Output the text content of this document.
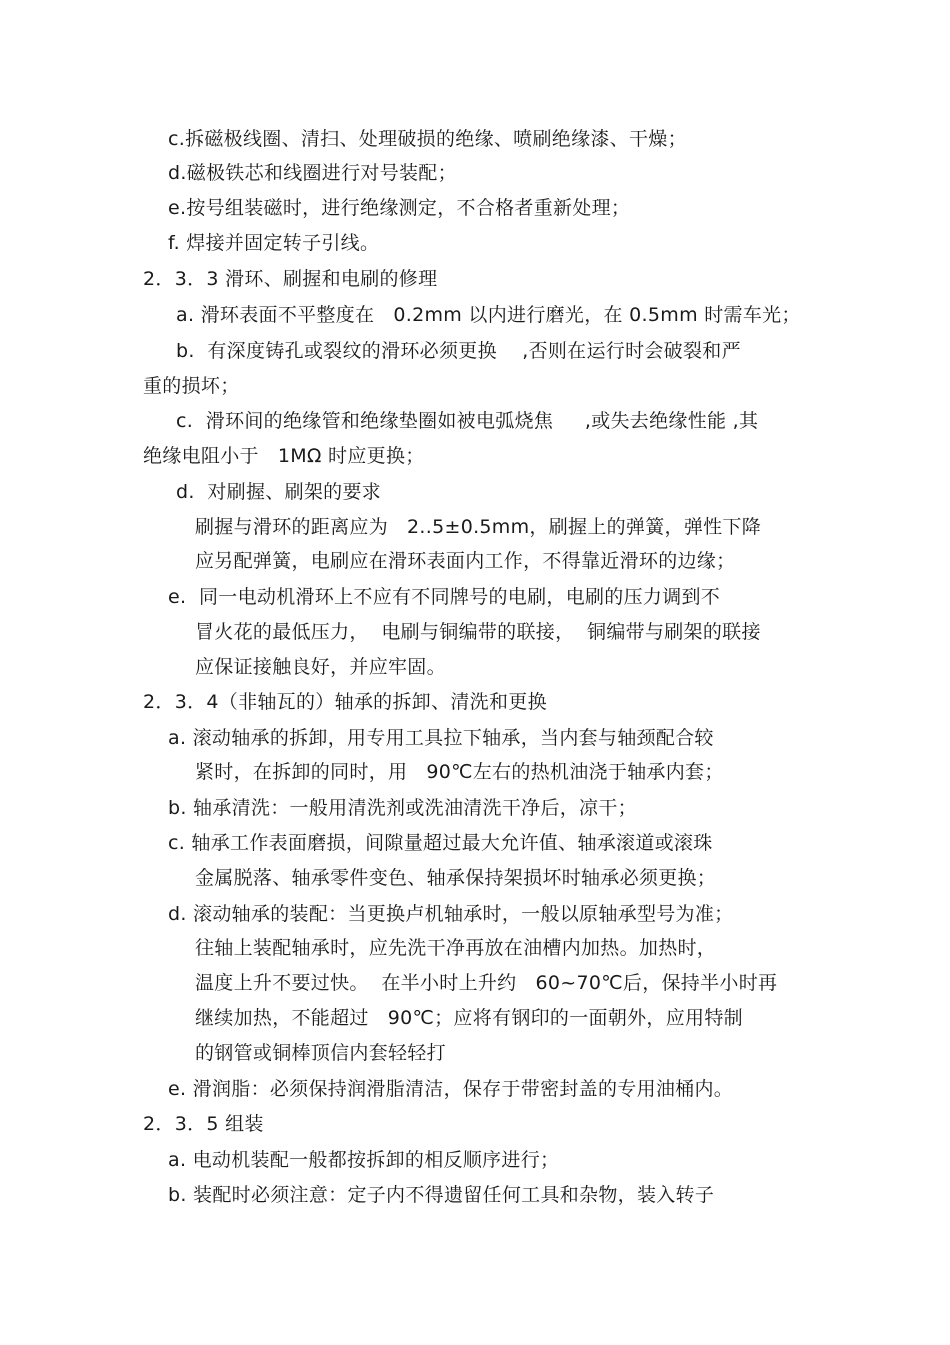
c.拆磁极线圈、清扫、处理破损的绝缘、喷刷绝缘漆、干燥；
d.磁极铁芯和线圈进行对号装配；
e.按号组装磁时，进行绝缘测定，不合格者重新处理；
f. 焊接并固定转子引线。
2．3．3 滑环、刷握和电刷的修理
a. 滑环表面不平整度在   0.2mm 以内进行磨光，在 0.5mm 时需车光；
b.  有深度铸孔或裂纹的滑环必须更换    ,否则在运行时会破裂和严
重的损坏；
c.  滑环间的绝缘管和绝缘垫圈如被电弧烧焦     ,或失去绝缘性能 ,其
绝缘电阻小于   1MΩ 时应更换；
d.  对刷握、刷架的要求
刷握与滑环的距离应为   2..5±0.5mm，刷握上的弹簧，弹性下降
应另配弹簧，电刷应在滑环表面内工作，不得靠近滑环的边缘；
e.  同一电动机滑环上不应有不同牌号的电刷，电刷的压力调到不
冒火花的最低压力，  电刷与铜编带的联接，  铜编带与刷架的联接
应保证接触良好，并应牢固。
2．3．4（非轴瓦的）轴承的拆卸、清洗和更换
a. 滚动轴承的拆卸，用专用工具拉下轴承，当内套与轴颈配合较
紧时，在拆卸的同时，用   90℃左右的热机油浇于轴承内套；
b. 轴承清洗：一般用清洗剂或洗油清洗干净后，凉干；
c. 轴承工作表面磨损，间隙量超过最大允许值、轴承滚道或滚珠
金属脱落、轴承零件变色、轴承保持架损坏时轴承必须更换；
d. 滚动轴承的装配：当更换卢机轴承时，一般以原轴承型号为准；
往轴上装配轴承时，应先洗干净再放在油槽内加热。加热时，
温度上升不要过快。  在半小时上升约   60~70℃后，保持半小时再
继续加热，不能超过   90℃；应将有钢印的一面朝外，应用特制
的钢管或铜棒顶信内套轻轻打
e. 滑润脂：必须保持润滑脂清洁，保存于带密封盖的专用油桶内。
2．3．5 组装
a. 电动机装配一般都按拆卸的相反顺序进行；
b. 装配时必须注意：定子内不得遗留任何工具和杂物，装入转子
